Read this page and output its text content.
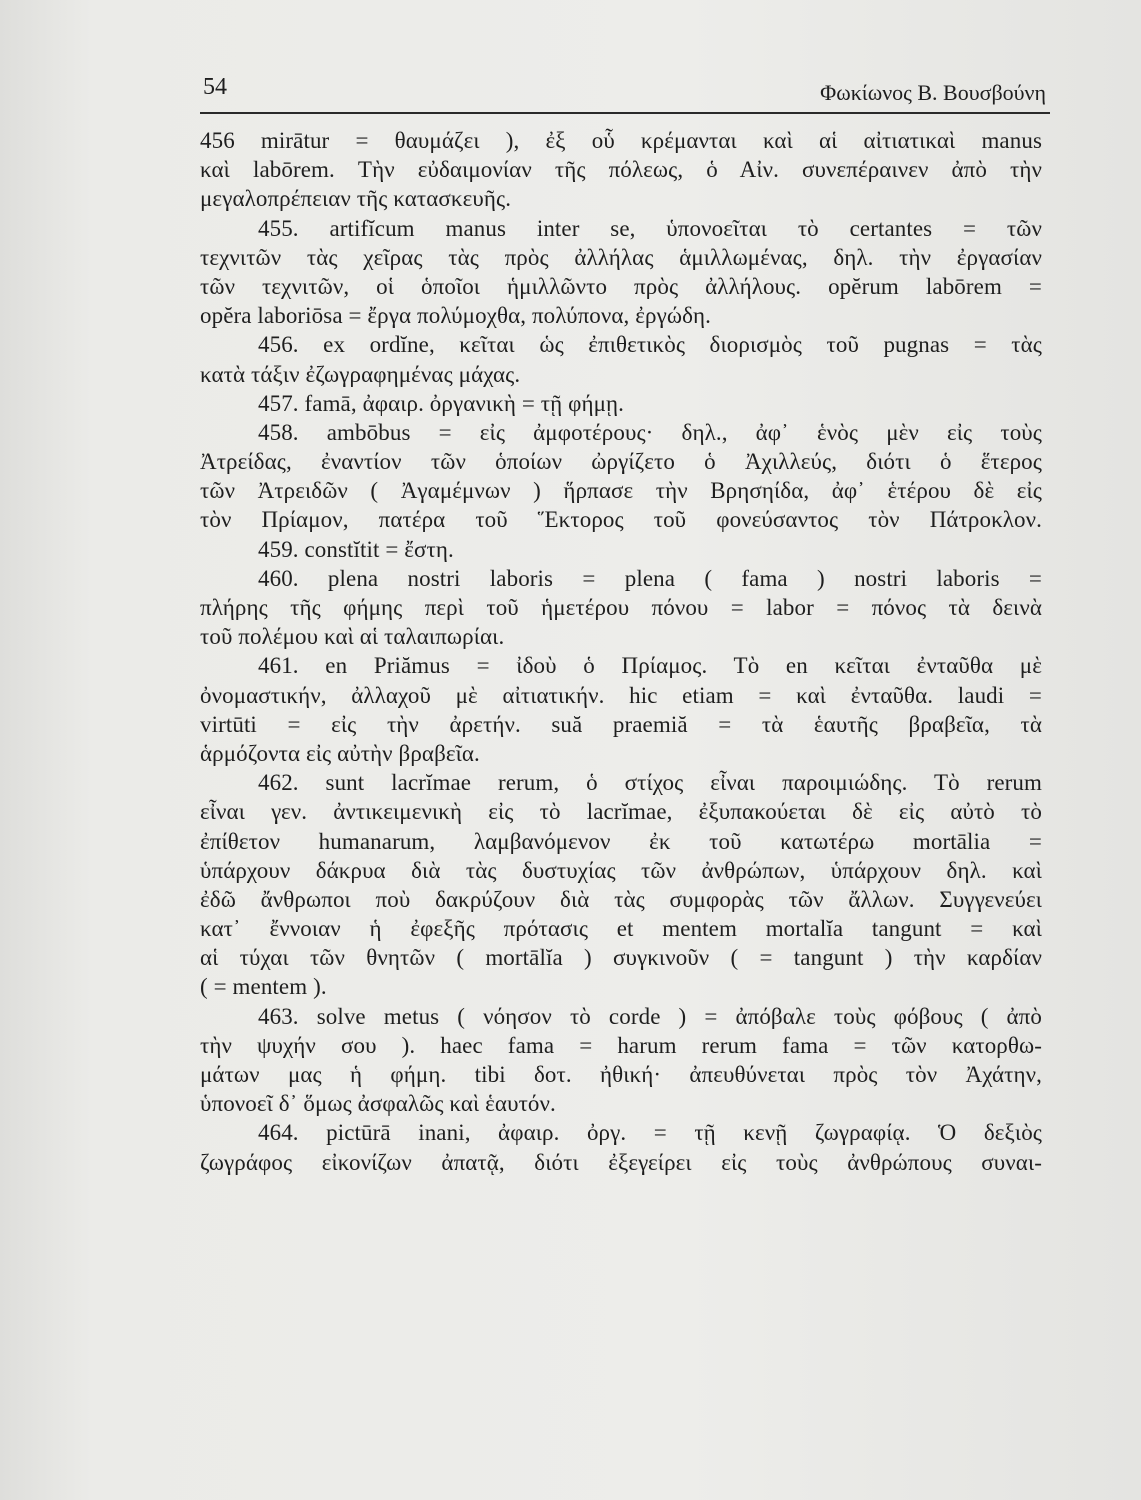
54	Φωκίωνος Β. Βουσβούνη
456 mirātur = θαυμάζει ), ἐξ οὗ κρέμανται καὶ αἱ αἰτιατικαὶ manus
καὶ labōrem. Τὴν εὐδαιμονίαν τῆς πόλεως, ὁ Αἰν. συνεπέραινεν ἀπὸ τὴν
μεγαλοπρέπειαν τῆς κατασκευῆς.
455. artifĭcum manus inter se, ὑπονοεῖται τὸ certantes = τῶν
τεχνιτῶν τὰς χεῖρας τὰς πρὸς ἀλλήλας ἁμιλλωμένας, δηλ. τὴν ἐργασίαν
τῶν τεχνιτῶν, οἱ ὁποῖοι ἡμιλλῶντο πρὸς ἀλλήλους. opĕrum labōrem =
opĕra laboriōsa = ἔργα πολύμοχθα, πολύπονα, ἐργώδη.
456. ex ordĭne, κεῖται ὡς ἐπιθετικὸς διορισμὸς τοῦ pugnas = τὰς
κατὰ τάξιν ἐζωγραφημένας μάχας.
457. famā, ἀφαιρ. ὀργανικὴ = τῇ φήμῃ.
458. ambōbus = εἰς ἀμφοτέρους· δηλ., ἀφ᾽ ἑνὸς μὲν εἰς τοὺς
Ἀτρείδας, ἐναντίον τῶν ὁποίων ὠργίζετο ὁ Ἀχιλλεύς, διότι ὁ ἕτερος
τῶν Ἀτρειδῶν ( Ἀγαμέμνων ) ἥρπασε τὴν Βρησηίδα, ἀφ᾽ ἑτέρου δὲ εἰς
τὸν Πρίαμον, πατέρα τοῦ Ἕκτορος τοῦ φονεύσαντος τὸν Πάτροκλον.
459. constĭtit = ἔστη.
460. plena nostri laboris = plena ( fama ) nostri laboris =
πλήρης τῆς φήμης περὶ τοῦ ἡμετέρου πόνου = labor = πόνος τὰ δεινὰ
τοῦ πολέμου καὶ αἱ ταλαιπωρίαι.
461. en Priămus = ἰδοὺ ὁ Πρίαμος. Τὸ en κεῖται ἐνταῦθα μὲ
ὀνομαστικήν, ἀλλαχοῦ μὲ αἰτιατικήν. hic etiam = καὶ ἐνταῦθα. laudi =
virtūti = εἰς τὴν ἀρετήν. suă praemiă = τὰ ἑαυτῆς βραβεῖα, τὰ
ἁρμόζοντα εἰς αὐτὴν βραβεῖα.
462. sunt lacrĭmae rerum, ὁ στίχος εἶναι παροιμιώδης. Τὸ rerum
εἶναι γεν. ἀντικειμενικὴ εἰς τὸ lacrĭmae, ἐξυπακούεται δὲ εἰς αὐτὸ τὸ
ἐπίθετον humanarum, λαμβανόμενον ἐκ τοῦ κατωτέρω mortālia =
ὑπάρχουν δάκρυα διὰ τὰς δυστυχίας τῶν ἀνθρώπων, ὑπάρχουν δηλ. καὶ
ἐδῶ ἄνθρωποι ποὺ δακρύζουν διὰ τὰς συμφορὰς τῶν ἄλλων. Συγγενεύει
κατ᾽ ἔννοιαν ἡ ἐφεξῆς πρότασις et mentem mortalĭa tangunt = καὶ
αἱ τύχαι τῶν θνητῶν ( mortālĭa ) συγκινοῦν ( = tangunt ) τὴν καρδίαν
( = mentem ).
463. solve metus ( νόησον τὸ corde ) = ἀπόβαλε τοὺς φόβους ( ἀπὸ
τὴν ψυχήν σου ). haec fama = harum rerum fama = τῶν κατορθω-
μάτων μας ἡ φήμη. tibi δοτ. ἠθική· ἀπευθύνεται πρὸς τὸν Ἀχάτην,
ὑπονοεῖ δ᾽ ὅμως ἀσφαλῶς καὶ ἑαυτόν.
464. pictūrā inani, ἀφαιρ. ὀργ. = τῇ κενῇ ζωγραφίᾳ. Ὁ δεξιὸς
ζωγράφος εἰκονίζων ἀπατᾷ, διότι ἐξεγείρει εἰς τοὺς ἀνθρώπους συναι-
